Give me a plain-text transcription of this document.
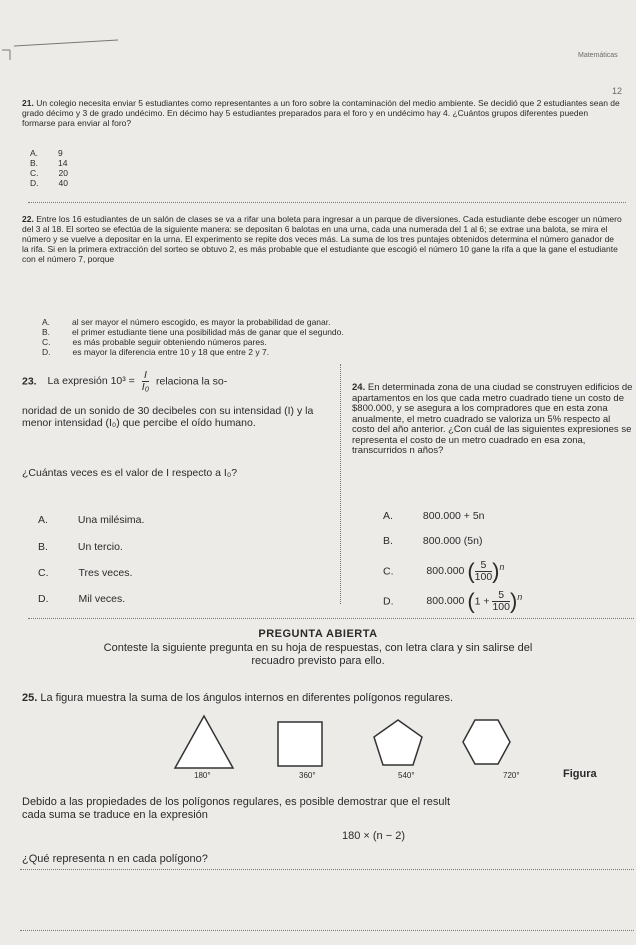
Matemáticas
12
21. Un colegio necesita enviar 5 estudiantes como representantes a un foro sobre la contaminación del medio ambiente. Se decidió que 2 estudiantes sean de grado décimo y 3 de grado undécimo. En décimo hay 5 estudiantes preparados para el foro y en undécimo hay 4. ¿Cuántos grupos diferentes pueden formarse para enviar al foro?
A. 9
B. 14
C. 20
D. 40
22. Entre los 16 estudiantes de un salón de clases se va a rifar una boleta para ingresar a un parque de diversiones. Cada estudiante debe escoger un número del 3 al 18. El sorteo se efectúa de la siguiente manera: se depositan 6 balotas en una urna, cada una numerada del 1 al 6; se extrae una balota, se mira el número y se vuelve a depositar en la urna. El experimento se repite dos veces más. La suma de los tres puntajes obtenidos determina el número ganador de la rifa. Si en la primera extracción del sorteo se obtuvo 2, es más probable que el estudiante que escogió el número 10 gane la rifa a que la gane el estudiante con el número 7, porque
A.	al ser mayor el número escogido, es mayor la probabilidad de ganar.
B.	el primer estudiante tiene una posibilidad más de ganar que el segundo.
C.	es más probable seguir obteniendo números pares.
D.	es mayor la diferencia entre 10 y 18 que entre 2 y 7.
23. La expresión $10^3 = \frac{I}{\text{I₀}}$ relaciona la so-
noridad de un sonido de 30 decibeles con su intensidad (I) y la menor intensidad (I₀) que percibe el oído humano.
¿Cuántas veces es el valor de I respecto a I₀?
A.	Una milésima.
B.	Un tercio.
C.	Tres veces.
D.	Mil veces.
24. En determinada zona de una ciudad se construyen edificios de apartamentos en los que cada metro cuadrado tiene un costo de $800.000, y se asegura a los compradores que en esta zona anualmente, el metro cuadrado se valoriza un 5% respecto al costo del año anterior. ¿Con cuál de las siguientes expresiones se representa el costo de un metro cuadrado en esa zona, transcurridos n años?
A.	800.000 + 5n
B.	800.000 (5n)
C.	800.000 ( $\frac{5}{100} )^n$
D.	800.000 $(1 + \frac{5}{100} )^n$
PREGUNTA ABIERTA
Conteste la siguiente pregunta en su hoja de respuestas, con letra clara y sin salirse del
recuadro previsto para ello.
25. La figura muestra la suma de los ángulos internos en diferentes polígonos regulares.
180°	360°	540°	720°	Figura
Debido a las propiedades de los polígonos regulares, es posible demostrar que el result
cada suma se traduce en la expresión
180 × (n − 2)
¿Qué representa n en cada polígono?
